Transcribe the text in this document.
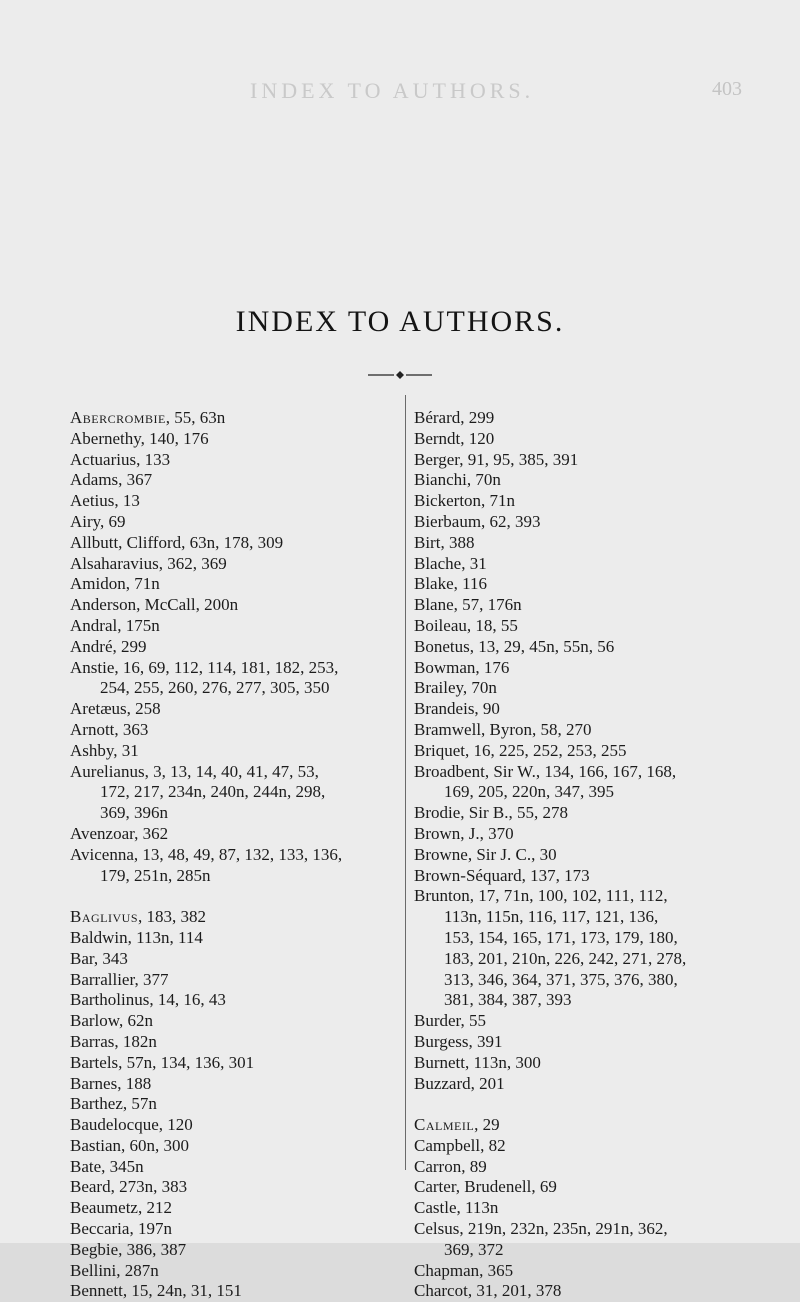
INDEX TO AUTHORS.	403
INDEX TO AUTHORS.
Abercrombie, 55, 63n
Abernethy, 140, 176
Actuarius, 133
Adams, 367
Aetius, 13
Airy, 69
Allbutt, Clifford, 63n, 178, 309
Alsaharavius, 362, 369
Amidon, 71n
Anderson, McCall, 200n
Andral, 175n
André, 299
Anstie, 16, 69, 112, 114, 181, 182, 253,
254, 255, 260, 276, 277, 305, 350
Aretæus, 258
Arnott, 363
Ashby, 31
Aurelianus, 3, 13, 14, 40, 41, 47, 53,
172, 217, 234n, 240n, 244n, 298,
369, 396n
Avenzoar, 362
Avicenna, 13, 48, 49, 87, 132, 133, 136,
179, 251n, 285n
Baglivus, 183, 382
Baldwin, 113n, 114
Bar, 343
Barrallier, 377
Bartholinus, 14, 16, 43
Barlow, 62n
Barras, 182n
Bartels, 57n, 134, 136, 301
Barnes, 188
Barthez, 57n
Baudelocque, 120
Bastian, 60n, 300
Bate, 345n
Beard, 273n, 383
Beaumetz, 212
Beccaria, 197n
Begbie, 386, 387
Bellini, 287n
Bennett, 15, 24n, 31, 151
Bérard, 299
Berndt, 120
Berger, 91, 95, 385, 391
Bianchi, 70n
Bickerton, 71n
Bierbaum, 62, 393
Birt, 388
Blache, 31
Blake, 116
Blane, 57, 176n
Boileau, 18, 55
Bonetus, 13, 29, 45n, 55n, 56
Bowman, 176
Brailey, 70n
Brandeis, 90
Bramwell, Byron, 58, 270
Briquet, 16, 225, 252, 253, 255
Broadbent, Sir W., 134, 166, 167, 168,
169, 205, 220n, 347, 395
Brodie, Sir B., 55, 278
Brown, J., 370
Browne, Sir J. C., 30
Brown-Séquard, 137, 173
Brunton, 17, 71n, 100, 102, 111, 112,
113n, 115n, 116, 117, 121, 136,
153, 154, 165, 171, 173, 179, 180,
183, 201, 210n, 226, 242, 271, 278,
313, 346, 364, 371, 375, 376, 380,
381, 384, 387, 393
Burder, 55
Burgess, 391
Burnett, 113n, 300
Buzzard, 201
Calmeil, 29
Campbell, 82
Carron, 89
Carter, Brudenell, 69
Castle, 113n
Celsus, 219n, 232n, 235n, 291n, 362,
369, 372
Chapman, 365
Charcot, 31, 201, 378
